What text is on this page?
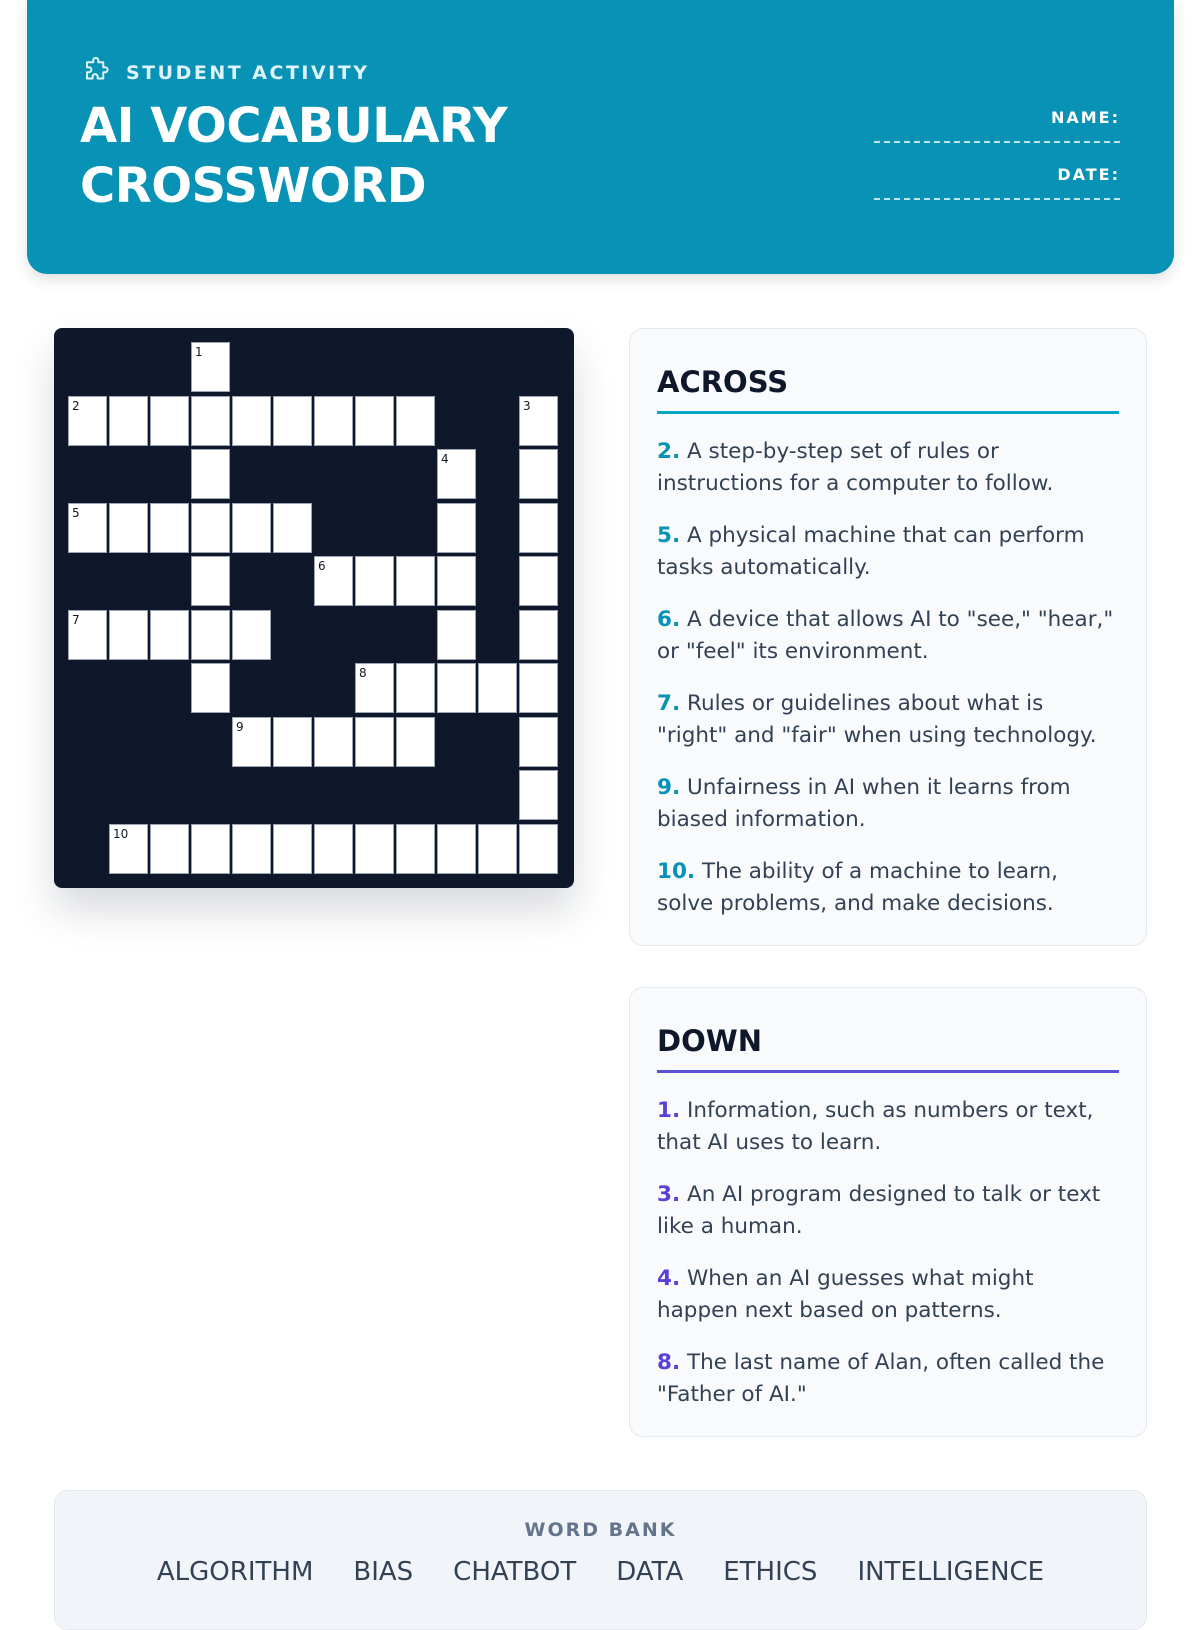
STUDENT ACTIVITY
AI VOCABULARY
CROSSWORD
NAME:
DATE:
1
2	3
4
5
6
7
8
9
10
ACROSS
2. A step-by-step set of rules or instructions for a computer to follow.
5. A physical machine that can perform tasks automatically.
6. A device that allows AI to "see," "hear," or "feel" its environment.
7. Rules or guidelines about what is "right" and "fair" when using technology.
9. Unfairness in AI when it learns from biased information.
10. The ability of a machine to learn, solve problems, and make decisions.
DOWN
1. Information, such as numbers or text, that AI uses to learn.
3. An AI program designed to talk or text like a human.
4. When an AI guesses what might happen next based on patterns.
8. The last name of Alan, often called the "Father of AI."
WORD BANK
ALGORITHM BIAS CHATBOT DATA ETHICS INTELLIGENCE
